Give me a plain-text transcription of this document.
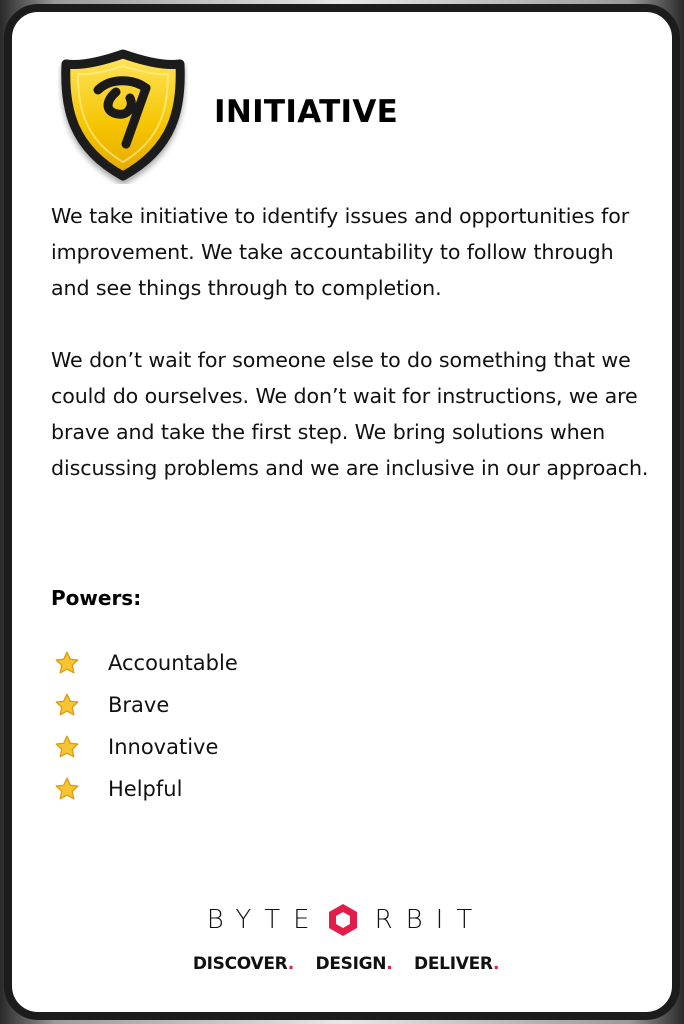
INITIATIVE

We take initiative to identify issues and opportunities for improvement. We take accountability to follow through and see things through to completion.

We don’t wait for someone else to do something that we could do ourselves. We don’t wait for instructions, we are brave and take the first step. We bring solutions when discussing problems and we are inclusive in our approach.

Powers:

Accountable
Brave
Innovative
Helpful
BYTE RBIT
DISCOVER. DESIGN. DELIVER.
